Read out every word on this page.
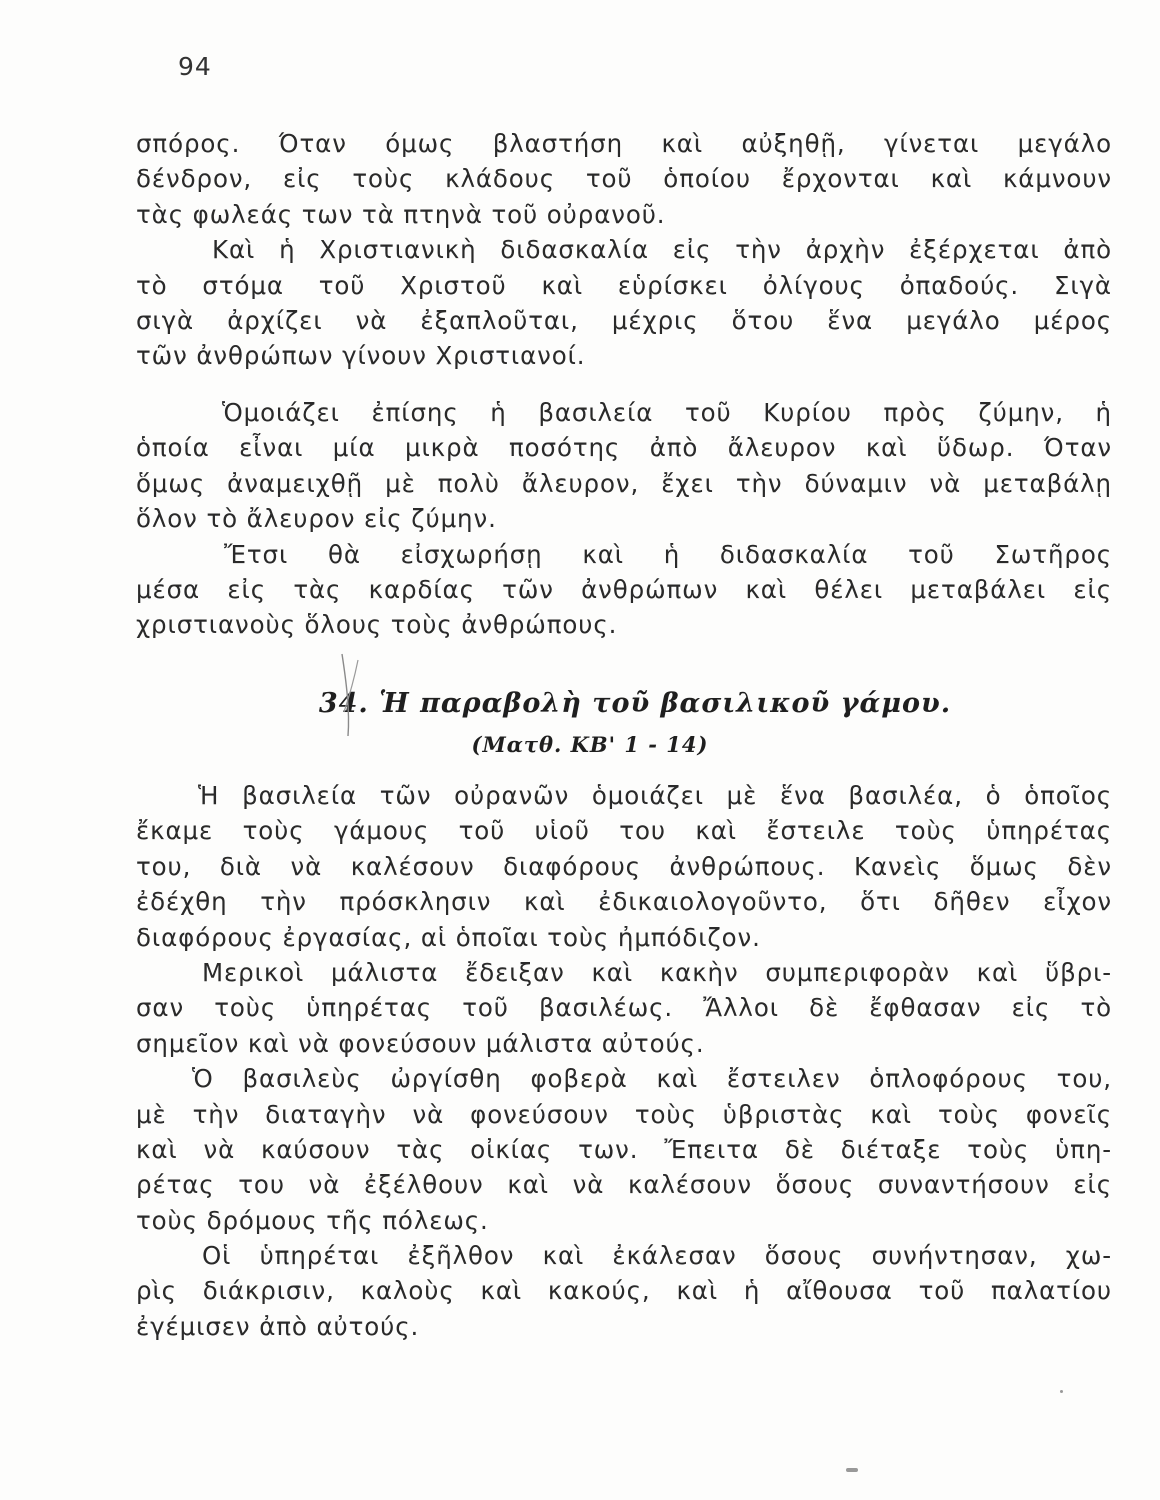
94
σπόρος. Όταν όμως βλαστήση καὶ αὐξηθῇ, γίνεται μεγάλο
δένδρον, εἰς τοὺς κλάδους τοῦ ὁποίου ἔρχονται καὶ κάμνουν
τὰς φωλεάς των τὰ πτηνὰ τοῦ οὐρανοῦ.
Καὶ ἡ Χριστιανικὴ διδασκαλία εἰς τὴν ἀρχὴν ἐξέρχεται ἀπὸ
τὸ στόμα τοῦ Χριστοῦ καὶ εὑρίσκει ὀλίγους ὀπαδούς. Σιγὰ
σιγὰ ἀρχίζει νὰ ἐξαπλοῦται, μέχρις ὅτου ἕνα μεγάλο μέρος
τῶν ἀνθρώπων γίνουν Χριστιανοί.
Ὁμοιάζει ἐπίσης ἡ βασιλεία τοῦ Κυρίου πρὸς ζύμην, ἡ
ὁποία εἶναι μία μικρὰ ποσότης ἀπὸ ἄλευρον καὶ ὕδωρ. Όταν
ὅμως ἀναμειχθῇ μὲ πολὺ ἄλευρον, ἔχει τὴν δύναμιν νὰ μεταβάλῃ
ὅλον τὸ ἄλευρον εἰς ζύμην.
Ἔτσι θὰ εἰσχωρήσῃ καὶ ἡ διδασκαλία τοῦ Σωτῆρος
μέσα εἰς τὰς καρδίας τῶν ἀνθρώπων καὶ θέλει μεταβάλει εἰς
χριστιανοὺς ὅλους τοὺς ἀνθρώπους.
34. Ἡ παραβολὴ τοῦ βασιλικοῦ γάμου.
(Ματθ. ΚΒ' 1 - 14)
Ἡ βασιλεία τῶν οὐρανῶν ὁμοιάζει μὲ ἕνα βασιλέα, ὁ ὁποῖος
ἔκαμε τοὺς γάμους τοῦ υἱοῦ του καὶ ἔστειλε τοὺς ὑπηρέτας
του, διὰ νὰ καλέσουν διαφόρους ἀνθρώπους. Κανεὶς ὅμως δὲν
ἐδέχθη τὴν πρόσκλησιν καὶ ἐδικαιολογοῦντο, ὅτι δῆθεν εἶχον
διαφόρους ἐργασίας, αἱ ὁποῖαι τοὺς ἠμπόδιζον.
Μερικοὶ μάλιστα ἔδειξαν καὶ κακὴν συμπεριφορὰν καὶ ὕβρι-
σαν τοὺς ὑπηρέτας τοῦ βασιλέως. Ἄλλοι δὲ ἔφθασαν εἰς τὸ
σημεῖον καὶ νὰ φονεύσουν μάλιστα αὐτούς.
Ὁ βασιλεὺς ὠργίσθη φοβερὰ καὶ ἔστειλεν ὁπλοφόρους του,
μὲ τὴν διαταγὴν νὰ φονεύσουν τοὺς ὑβριστὰς καὶ τοὺς φονεῖς
καὶ νὰ καύσουν τὰς οἰκίας των. Ἔπειτα δὲ διέταξε τοὺς ὑπη-
ρέτας του νὰ ἐξέλθουν καὶ νὰ καλέσουν ὅσους συναντήσουν εἰς
τοὺς δρόμους τῆς πόλεως.
Οἱ ὑπηρέται ἐξῆλθον καὶ ἐκάλεσαν ὅσους συνήντησαν, χω-
ρὶς διάκρισιν, καλοὺς καὶ κακούς, καὶ ἡ αἴθουσα τοῦ παλατίου
ἐγέμισεν ἀπὸ αὐτούς.
